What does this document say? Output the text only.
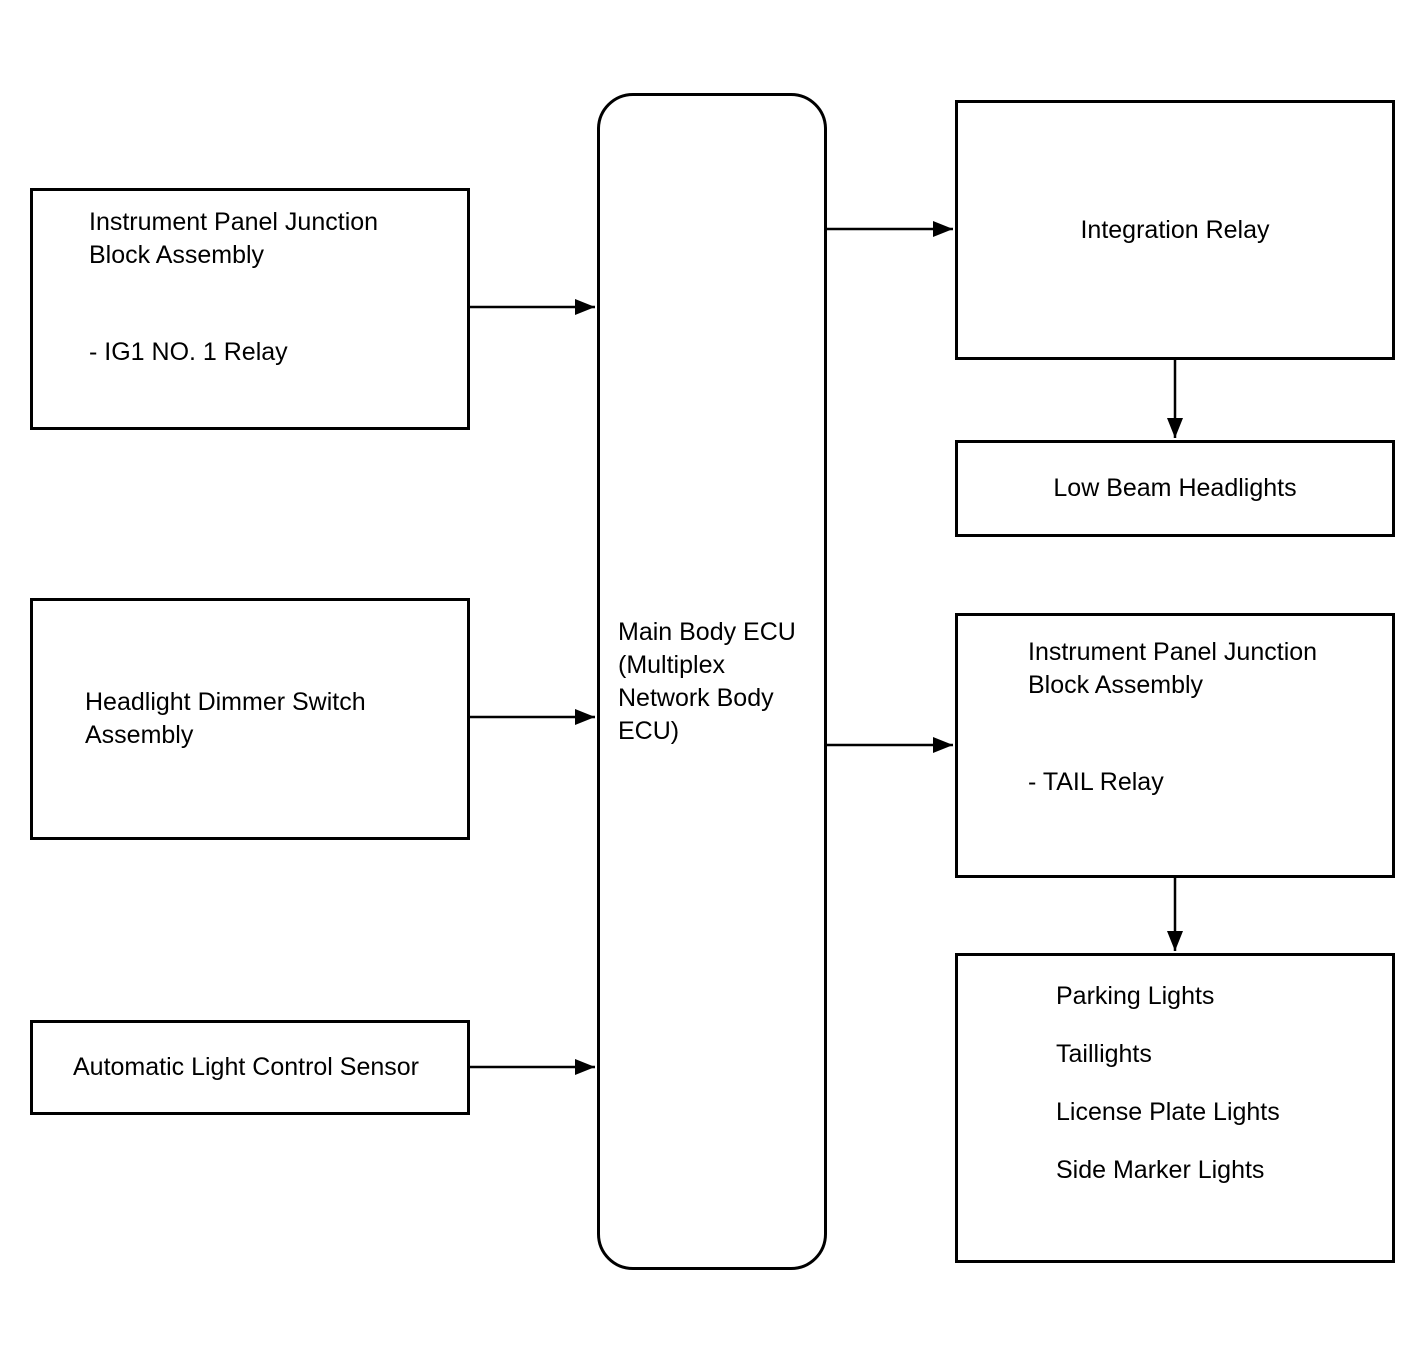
Instrument Panel Junction Block Assembly
- IG1 NO. 1 Relay
Headlight Dimmer Switch Assembly
Automatic Light Control Sensor
Main Body ECU (Multiplex Network Body ECU)
Integration Relay
Low Beam Headlights
Instrument Panel Junction Block Assembly
- TAIL Relay
Parking Lights
Taillights
License Plate Lights
Side Marker Lights
